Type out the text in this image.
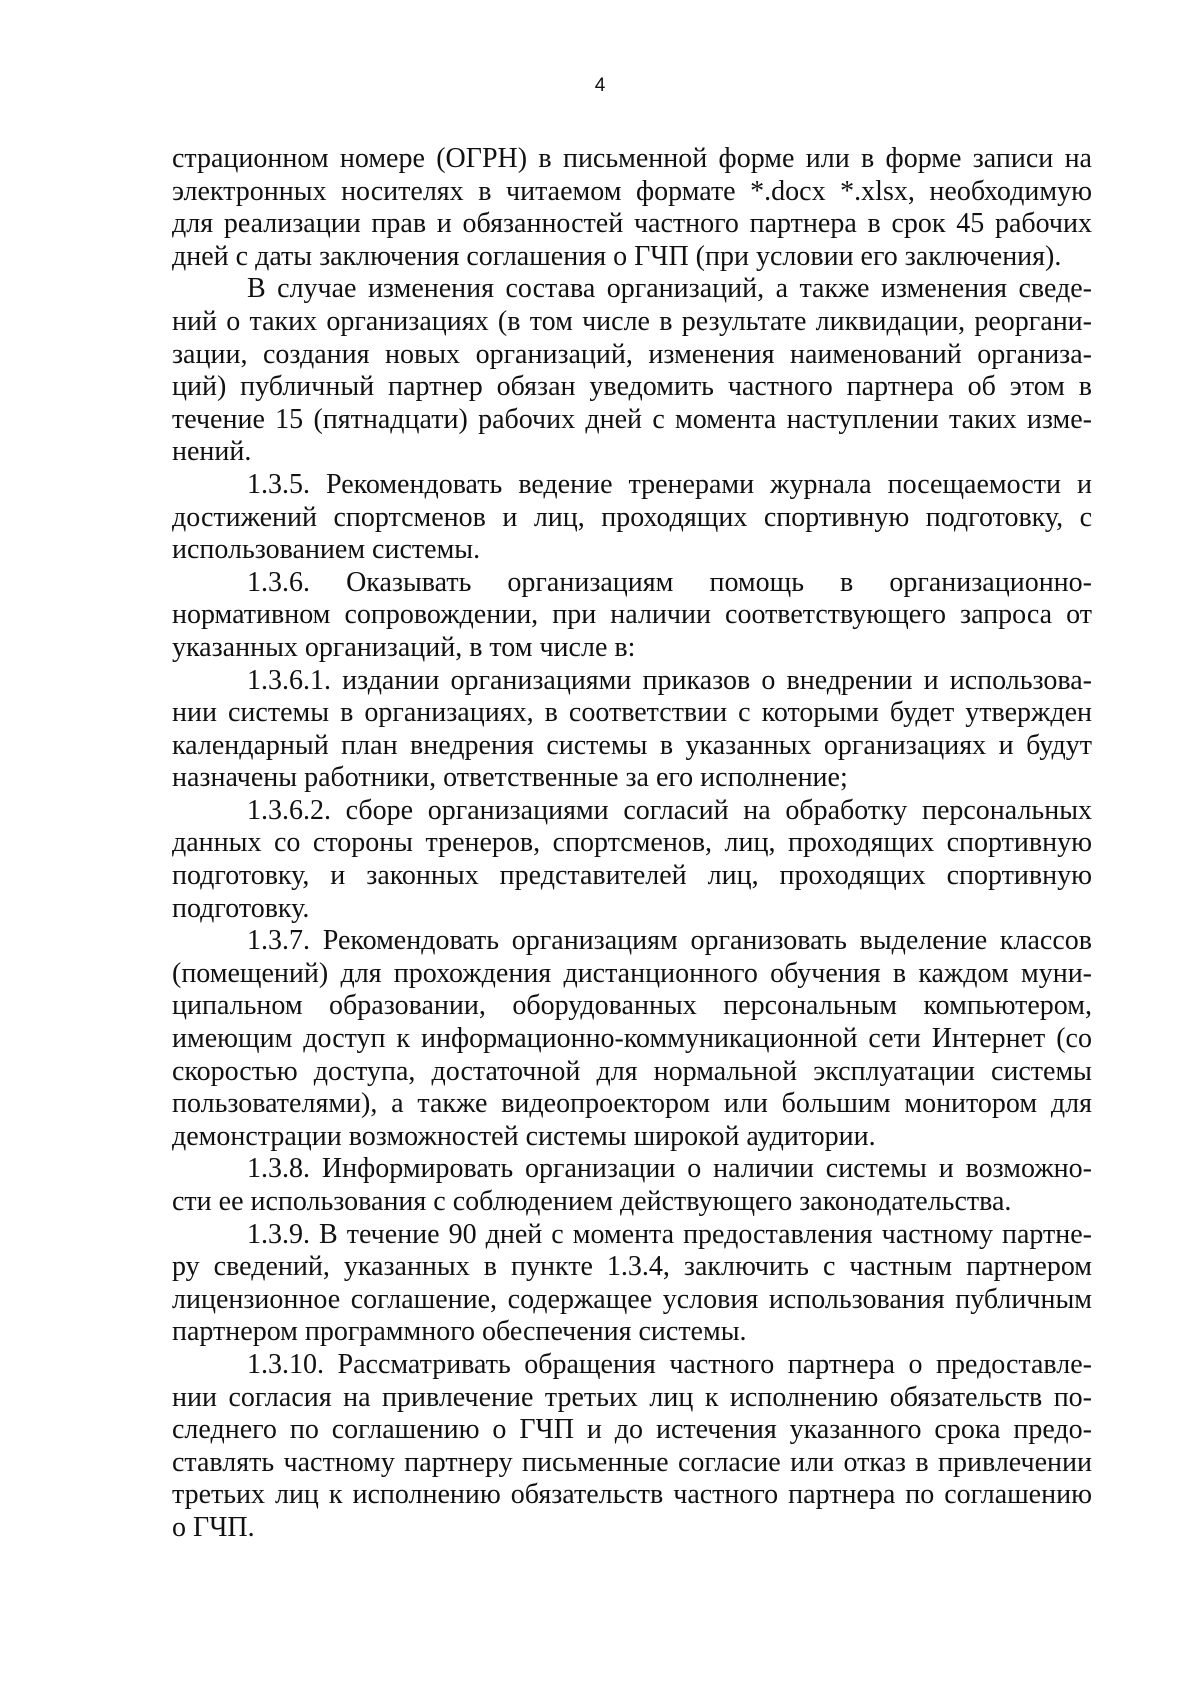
4
страционном номере (ОГРН) в письменной форме или в форме записи на
электронных носителях в читаемом формате *.docx *.xlsx, необходимую
для реализации прав и обязанностей частного партнера в срок 45 рабочих
дней с даты заключения соглашения о ГЧП (при условии его заключения).
В случае изменения состава организаций, а также изменения сведе-
ний о таких организациях (в том числе в результате ликвидации, реоргани-
зации, создания новых организаций, изменения наименований организа-
ций) публичный партнер обязан уведомить частного партнера об этом в
течение 15 (пятнадцати) рабочих дней с момента наступлении таких изме-
нений.
1.3.5. Рекомендовать ведение тренерами журнала посещаемости и
достижений спортсменов и лиц, проходящих спортивную подготовку, с
использованием системы.
1.3.6. Оказывать организациям помощь в организационно-
нормативном сопровождении, при наличии соответствующего запроса от
указанных организаций, в том числе в:
1.3.6.1. издании организациями приказов о внедрении и использова-
нии системы в организациях, в соответствии с которыми будет утвержден
календарный план внедрения системы в указанных организациях и будут
назначены работники, ответственные за его исполнение;
1.3.6.2. сборе организациями согласий на обработку персональных
данных со стороны тренеров, спортсменов, лиц, проходящих спортивную
подготовку, и законных представителей лиц, проходящих спортивную
подготовку.
1.3.7. Рекомендовать организациям организовать выделение классов
(помещений) для прохождения дистанционного обучения в каждом муни-
ципальном образовании, оборудованных персональным компьютером,
имеющим доступ к информационно-коммуникационной сети Интернет (со
скоростью доступа, достаточной для нормальной эксплуатации системы
пользователями), а также видеопроектором или большим монитором для
демонстрации возможностей системы широкой аудитории.
1.3.8. Информировать организации о наличии системы и возможно-
сти ее использования с соблюдением действующего законодательства.
1.3.9. В течение 90 дней с момента предоставления частному партне-
ру сведений, указанных в пункте 1.3.4, заключить с частным партнером
лицензионное соглашение, содержащее условия использования публичным
партнером программного обеспечения системы.
1.3.10. Рассматривать обращения частного партнера о предоставле-
нии согласия на привлечение третьих лиц к исполнению обязательств по-
следнего по соглашению о ГЧП и до истечения указанного срока предо-
ставлять частному партнеру письменные согласие или отказ в привлечении
третьих лиц к исполнению обязательств частного партнера по соглашению
о ГЧП.
